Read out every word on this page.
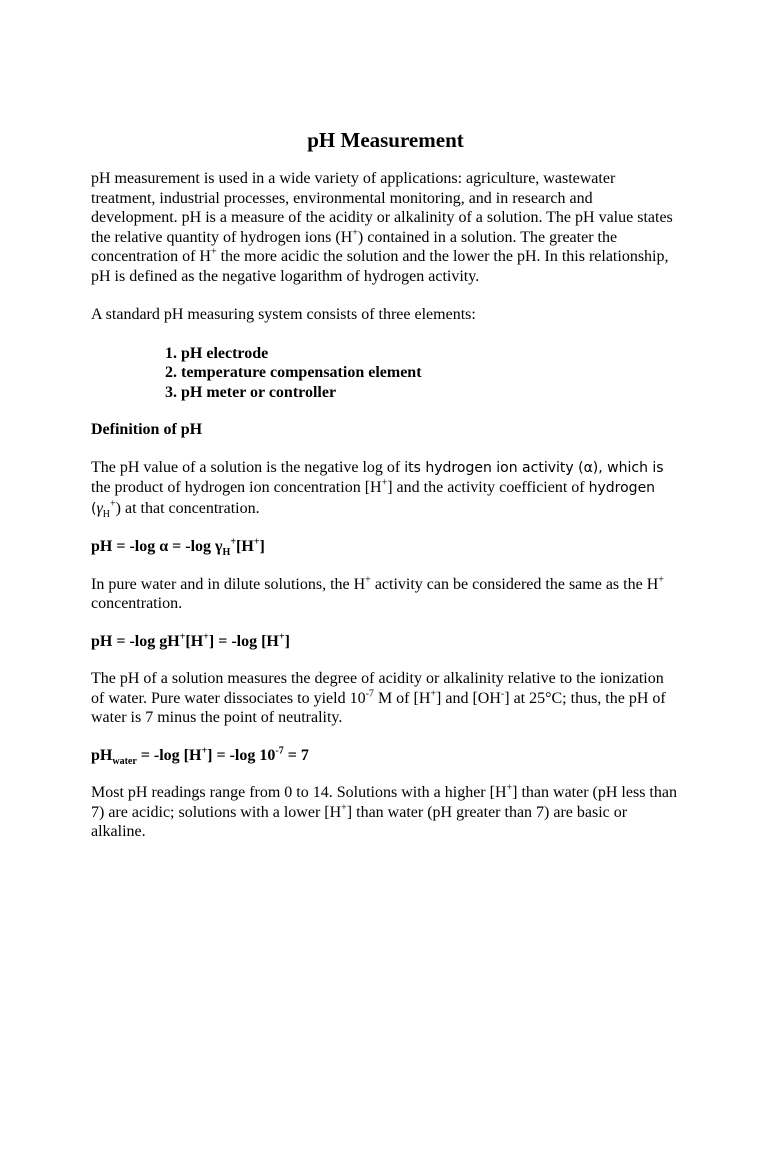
pH Measurement

pH measurement is used in a wide variety of applications: agriculture, wastewater treatment, industrial processes, environmental monitoring, and in research and development. pH is a measure of the acidity or alkalinity of a solution. The pH value states the relative quantity of hydrogen ions (H+) contained in a solution. The greater the concentration of H+ the more acidic the solution and the lower the pH. In this relationship, pH is defined as the negative logarithm of hydrogen activity.

A standard pH measuring system consists of three elements:

1. pH electrode
2. temperature compensation element
3. pH meter or controller

Definition of pH

The pH value of a solution is the negative log of its hydrogen ion activity (α), which is the product of hydrogen ion concentration [H+] and the activity coefficient of hydrogen $(\gamma_H^+)$ at that concentration.

pH = -log α = -log $\gamma_H^+[H^+]$

In pure water and in dilute solutions, the H+ activity can be considered the same as the H+ concentration.

pH = -log gH+[H+] = -log [H+]

The pH of a solution measures the degree of acidity or alkalinity relative to the ionization of water. Pure water dissociates to yield $10^{-7}$ M of [H+] and [OH-] at 25°C; thus, the pH of water is 7 minus the point of neutrality.

$pH_{water} = -\log$ [H+] = -log $10^{-7} = 7$

Most pH readings range from 0 to 14. Solutions with a higher [H+] than water (pH less than 7) are acidic; solutions with a lower [H+] than water (pH greater than 7) are basic or alkaline.
